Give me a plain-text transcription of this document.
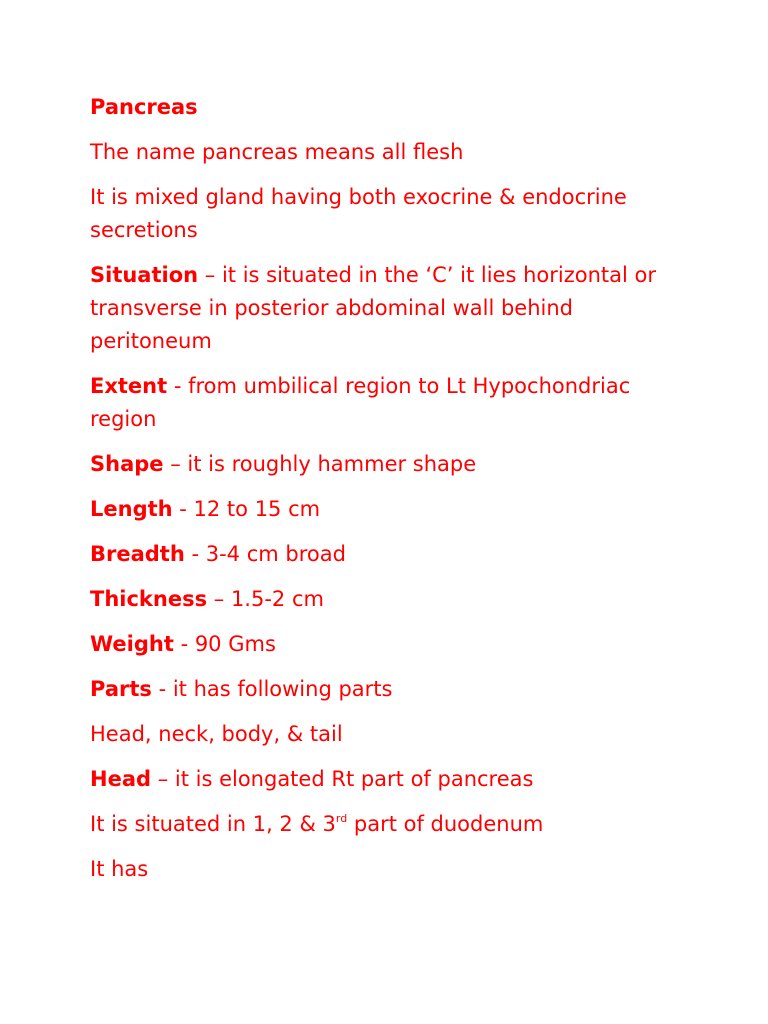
Pancreas

The name pancreas means all flesh

It is mixed gland having both exocrine & endocrine secretions

Situation – it is situated in the ‘C’ it lies horizontal or transverse in posterior abdominal wall behind peritoneum

Extent - from umbilical region to Lt Hypochondriac region

Shape – it is roughly hammer shape

Length - 12 to 15 cm

Breadth - 3-4 cm broad

Thickness – 1.5-2 cm

Weight - 90 Gms

Parts - it has following parts

Head, neck, body, & tail

Head – it is elongated Rt part of pancreas

It is situated in 1, 2 & 3rd part of duodenum

It has
